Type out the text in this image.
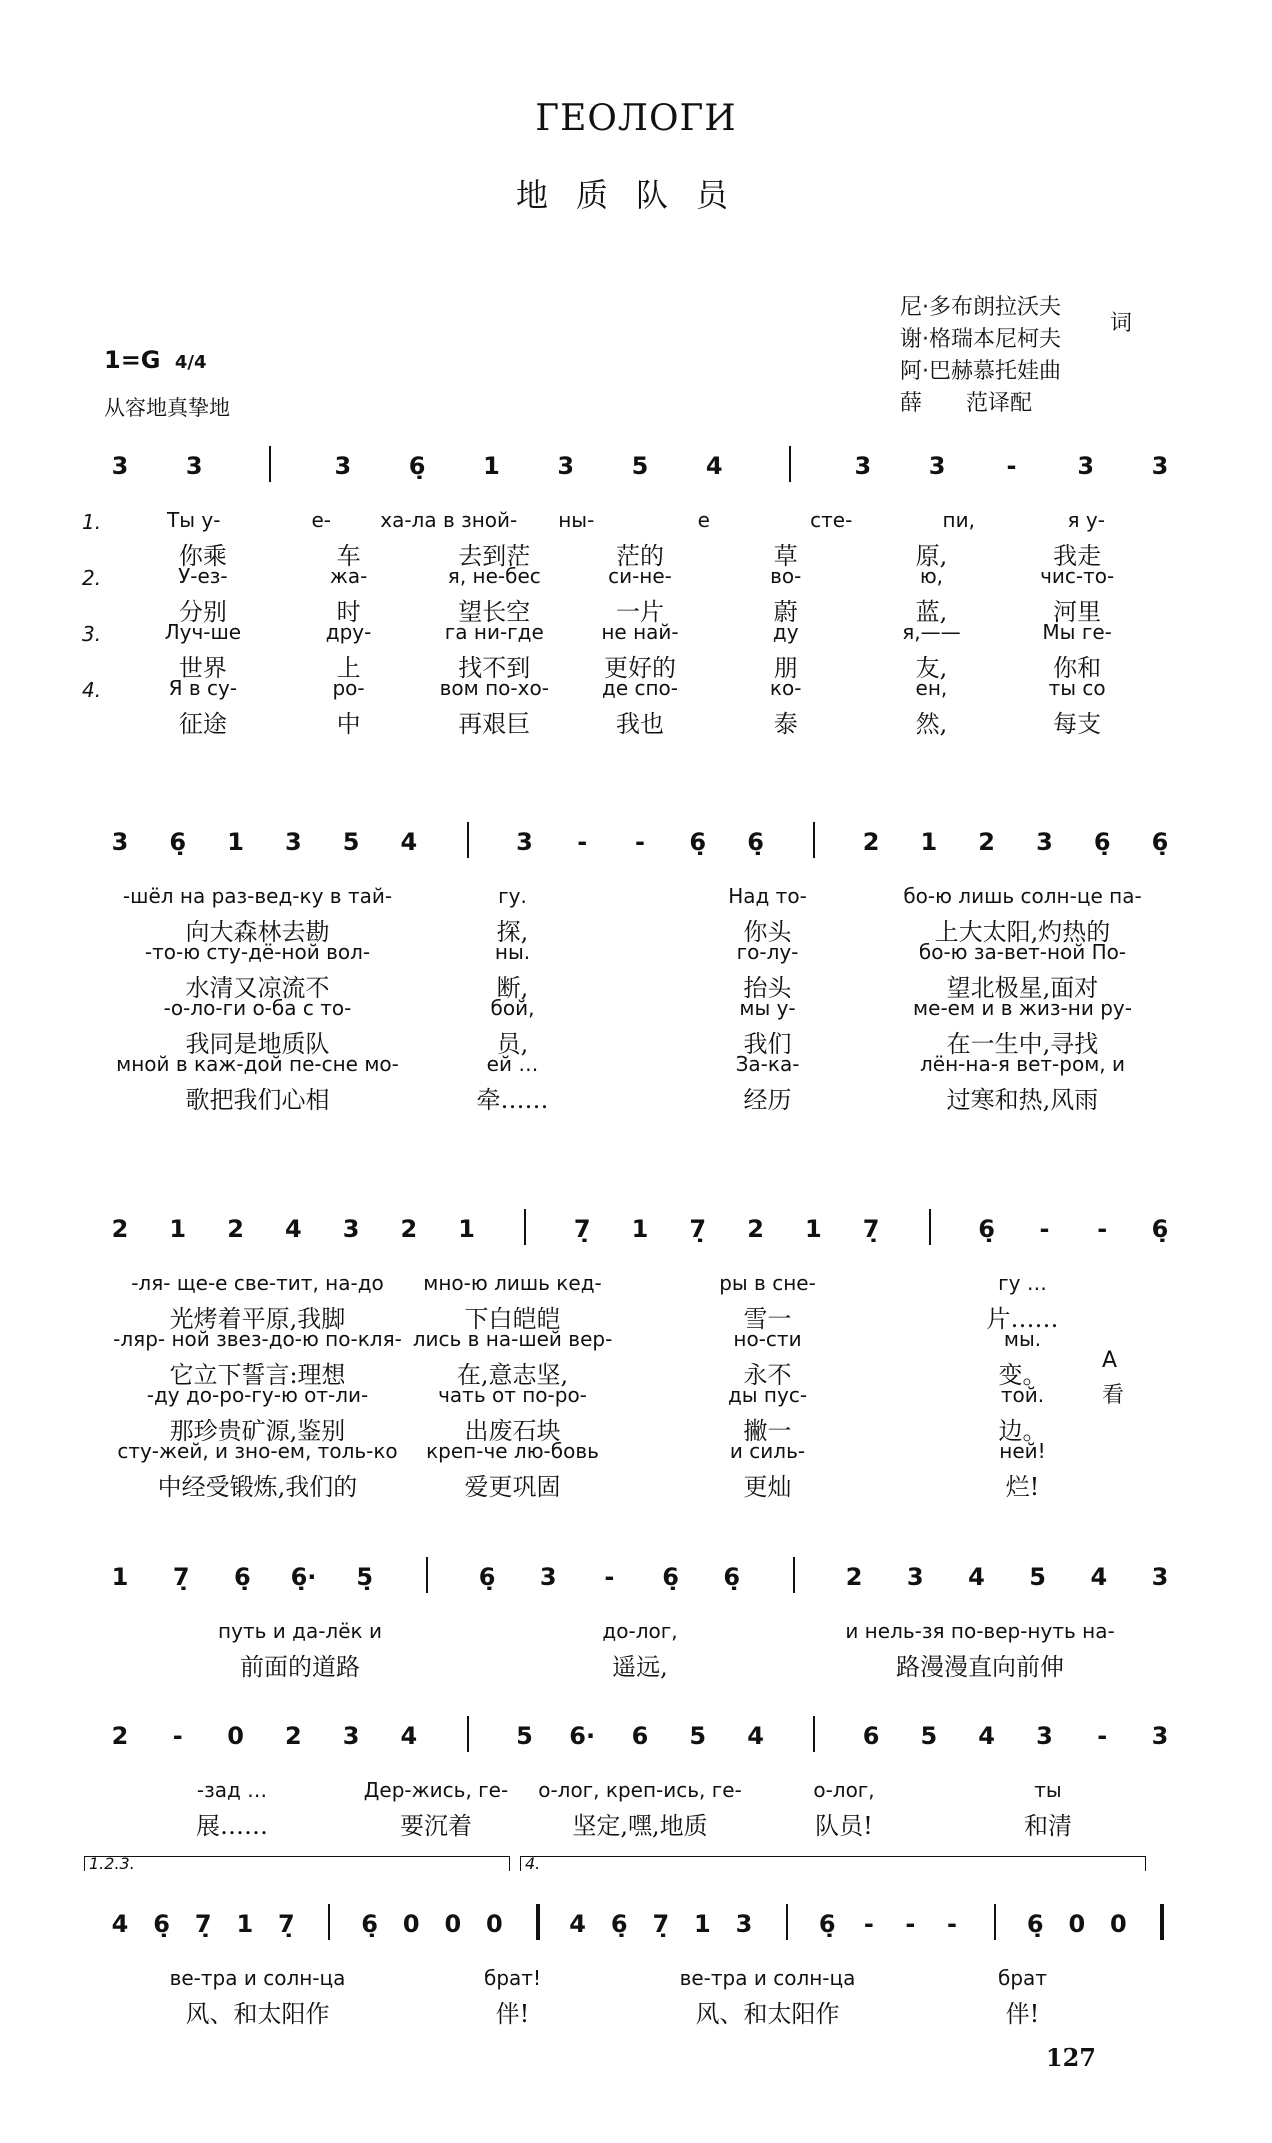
ГЕОЛОГИ
地质队员
尼·多布朗拉沃夫
谢·格瑞本尼柯夫
阿·巴赫慕托娃曲
薛　　范译配
词
1=G 4/4
从容地真挚地
3 3	3 6̣ 1 3 5 4	3 3	-	3 3
1.	Ты у-	е- ха-ла в зной- ны-	е	сте-	пи,	я у-
你乘	车	去到茫	茫的	草	原,	我走
2.	У-ез-	жа-	я, не-бес	си-не-	во-	ю,	чис-то-
分别	时	望长空	一片	蔚	蓝,	河里
3.	Луч-ше	дру-	га ни-где	не най-	ду	я,——	Мы ге-
世界	上	找不到	更好的	朋	友,	你和
4.	Я в су-	ро-	вом по-хо-	де спо-	ко-	ен,	ты со
征途	中	再艰巨	我也	泰	然,	每支
3 6̣ 1 3 5 4	3	-	-	6̣ 6̣	2 1 2 3 6̣ 6̣
-шёл на раз-вед-ку в тай-	гу.	Над то-	бо-ю лишь солн-це па-
向大森林去勘	探,	你头	上大太阳,灼热的
-то-ю сту-дё-ной вол-	ны.	го-лу-	бо-ю за-вет-ной По-
水清又凉流不	断,	抬头	望北极星,面对
-о-ло-ги о-ба с то-	бой,	мы у-	ме-ем и в жиз-ни ру-
我同是地质队	员,	我们	在一生中,寻找
мной в каж-дой пе-сне мо-	ей …	За-ка-	лён-на-я вет-ром, и
歌把我们心相	牵……	经历	过寒和热,风雨
2 1 2 4 3 2 1	7̣ 1 7̣ 2 1 7̣	6̣	-	-	6̣
-ля- ще-е све-тит, на-до мно-ю лишь кед-	ры в сне-	гу …
光烤着平原,我脚	下白皑皑	雪一	片……
-ляр- ной звез-до-ю по-кля- лись в на-шей вер-	но-сти	мы.
它立下誓言:理想	在,意志坚,	永不	变。
-ду до-ро-гу-ю от-ли-	чать от по-ро-	ды пус-	той.
那珍贵矿源,鉴别	出废石块	撇一	边。
сту-жей, и зно-ем, толь-ко креп-че лю-бовь	и силь-	ней!
中经受锻炼,我们的	爱更巩固	更灿	烂!
1 7̣ 6̣ 6̣· 5̣	6̣ 3	-	6̣ 6̣	2 3 4 5 4 3
путь и да-лёк и	до-лог,	и нель-зя по-вер-нуть на-
前面的道路	遥远,	路漫漫直向前伸
2	-	0 2 3 4	5 6· 6 5 4	6 5 4 3	-	3
-зад …	Дер-жись, ге- о-лог, креп-ись, ге-	о-лог,	ты
展……	要沉着	坚定,嘿,地质	队员!	和清
4 6̣ 7̣ 1 7̣	6̣ 0 0 0	4 6̣ 7̣ 1 3	6̣	-	-	-	6̣ 0 0
ве-тра и солн-ца	брат!	ве-тра и солн-ца	брат
风、和太阳作	伴!	风、和太阳作	伴!
A
看
1.2.3.	4.
127
